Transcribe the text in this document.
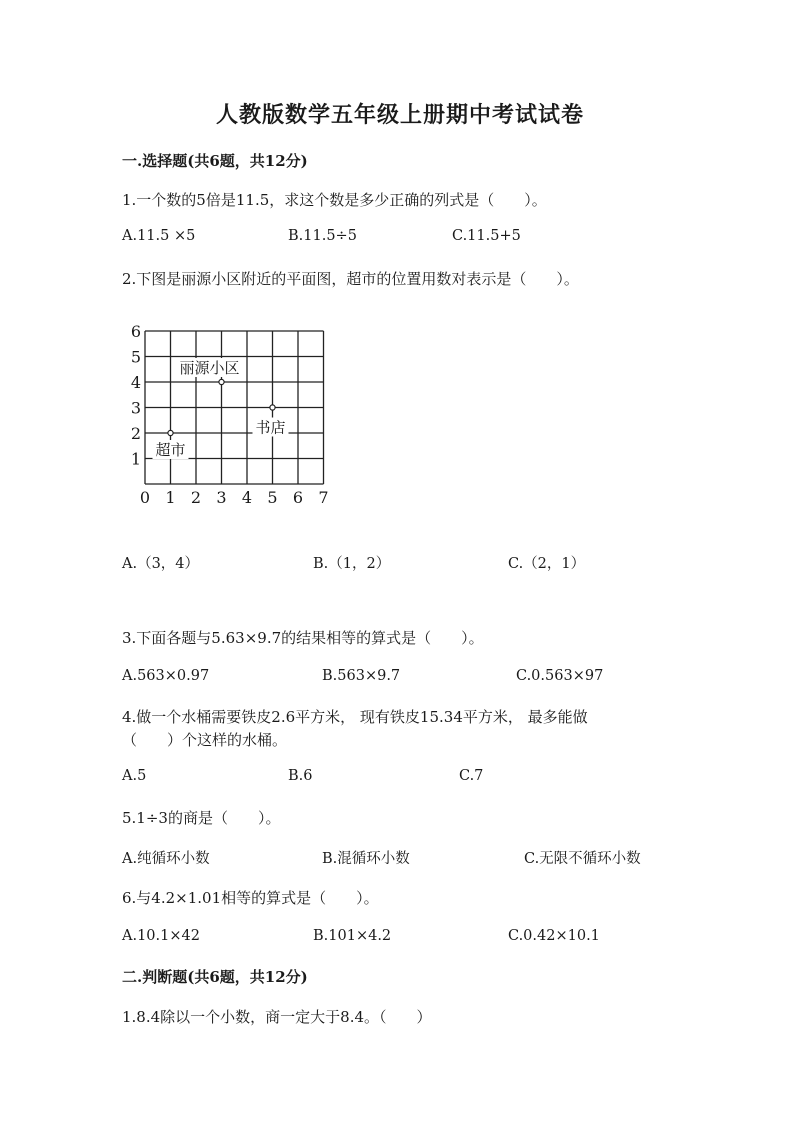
人教版数学五年级上册期中考试试卷
一.选择题(共6题，共12分)
1.一个数的5倍是11.5，求这个数是多少正确的列式是（　　）。
A.11.5 ×5	B.11.5÷5	C.11.5+5
2.下图是丽源小区附近的平面图，超市的位置用数对表示是（　　）。
0 1 2 3 4 5 6 7
1
2
3
4
5
6
丽源小区
书店
超市
A.（3，4）	B.（1，2）	C.（2，1）
3.下面各题与5.63×9.7的结果相等的算式是（　　）。
A.563×0.97	B.563×9.7	C.0.563×97
4.做一个水桶需要铁皮2.6平方米， 现有铁皮15.34平方米， 最多能做
（　　）个这样的水桶。
A.5	B.6	C.7
5.1÷3的商是（　　）。
A.纯循环小数	B.混循环小数	C.无限不循环小数
6.与4.2×1.01相等的算式是（　　）。
A.10.1×42	B.101×4.2	C.0.42×10.1
二.判断题(共6题，共12分)
1.8.4除以一个小数，商一定大于8.4。（　　）
